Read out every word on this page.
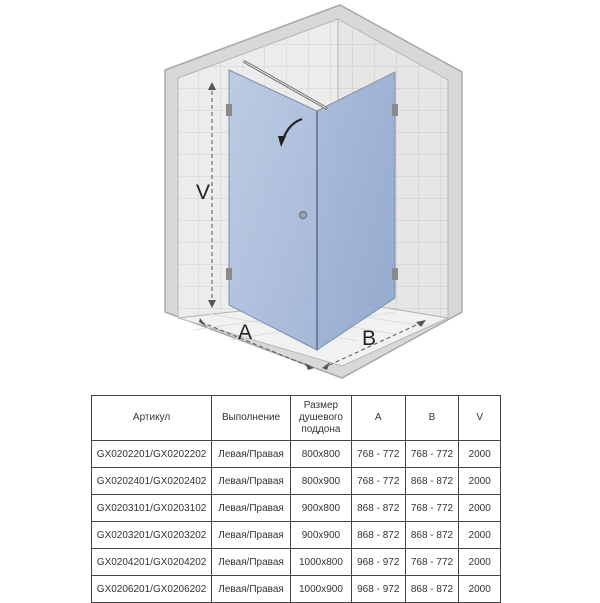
V
A	B
Артикул	Выполнение	Размер душевого поддона	A	B	V
GX0202201/GX0202202	Левая/Правая	800x800	768 - 772	768 - 772	2000
GX0202401/GX0202402	Левая/Правая	800x900	768 - 772	868 - 872	2000
GX0203101/GX0203102	Левая/Правая	900x800	868 - 872	768 - 772	2000
GX0203201/GX0203202	Левая/Правая	900x900	868 - 872	868 - 872	2000
GX0204201/GX0204202	Левая/Правая	1000x800	968 - 972	768 - 772	2000
GX0206201/GX0206202	Левая/Правая	1000x900	968 - 972	868 - 872	2000
